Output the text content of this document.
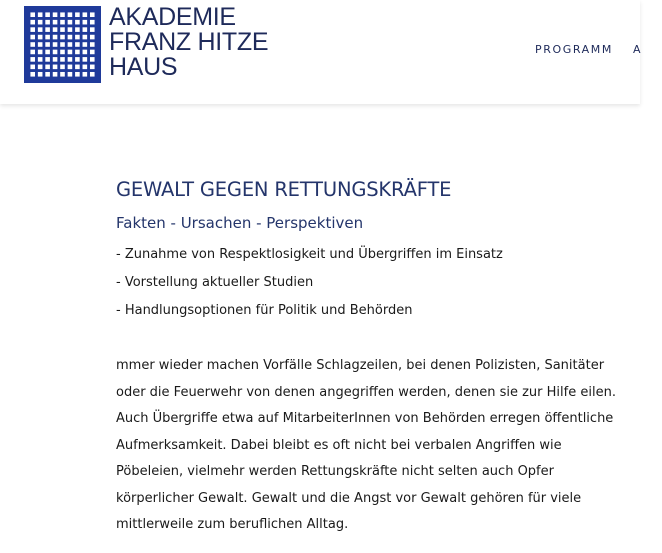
AKADEMIE
FRANZ HITZE
HAUS
PROGRAMM A
GEWALT GEGEN RETTUNGSKRÄFTE
Fakten - Ursachen - Perspektiven
- Zunahme von Respektlosigkeit und Übergriffen im Einsatz
- Vorstellung aktueller Studien
- Handlungsoptionen für Politik und Behörden
mmer wieder machen Vorfälle Schlagzeilen, bei denen Polizisten, Sanitäter
oder die Feuerwehr von denen angegriffen werden, denen sie zur Hilfe eilen.
Auch Übergriffe etwa auf MitarbeiterInnen von Behörden erregen öffentliche
Aufmerksamkeit. Dabei bleibt es oft nicht bei verbalen Angriffen wie
Pöbeleien, vielmehr werden Rettungskräfte nicht selten auch Opfer
körperlicher Gewalt. Gewalt und die Angst vor Gewalt gehören für viele
mittlerweile zum beruflichen Alltag.
